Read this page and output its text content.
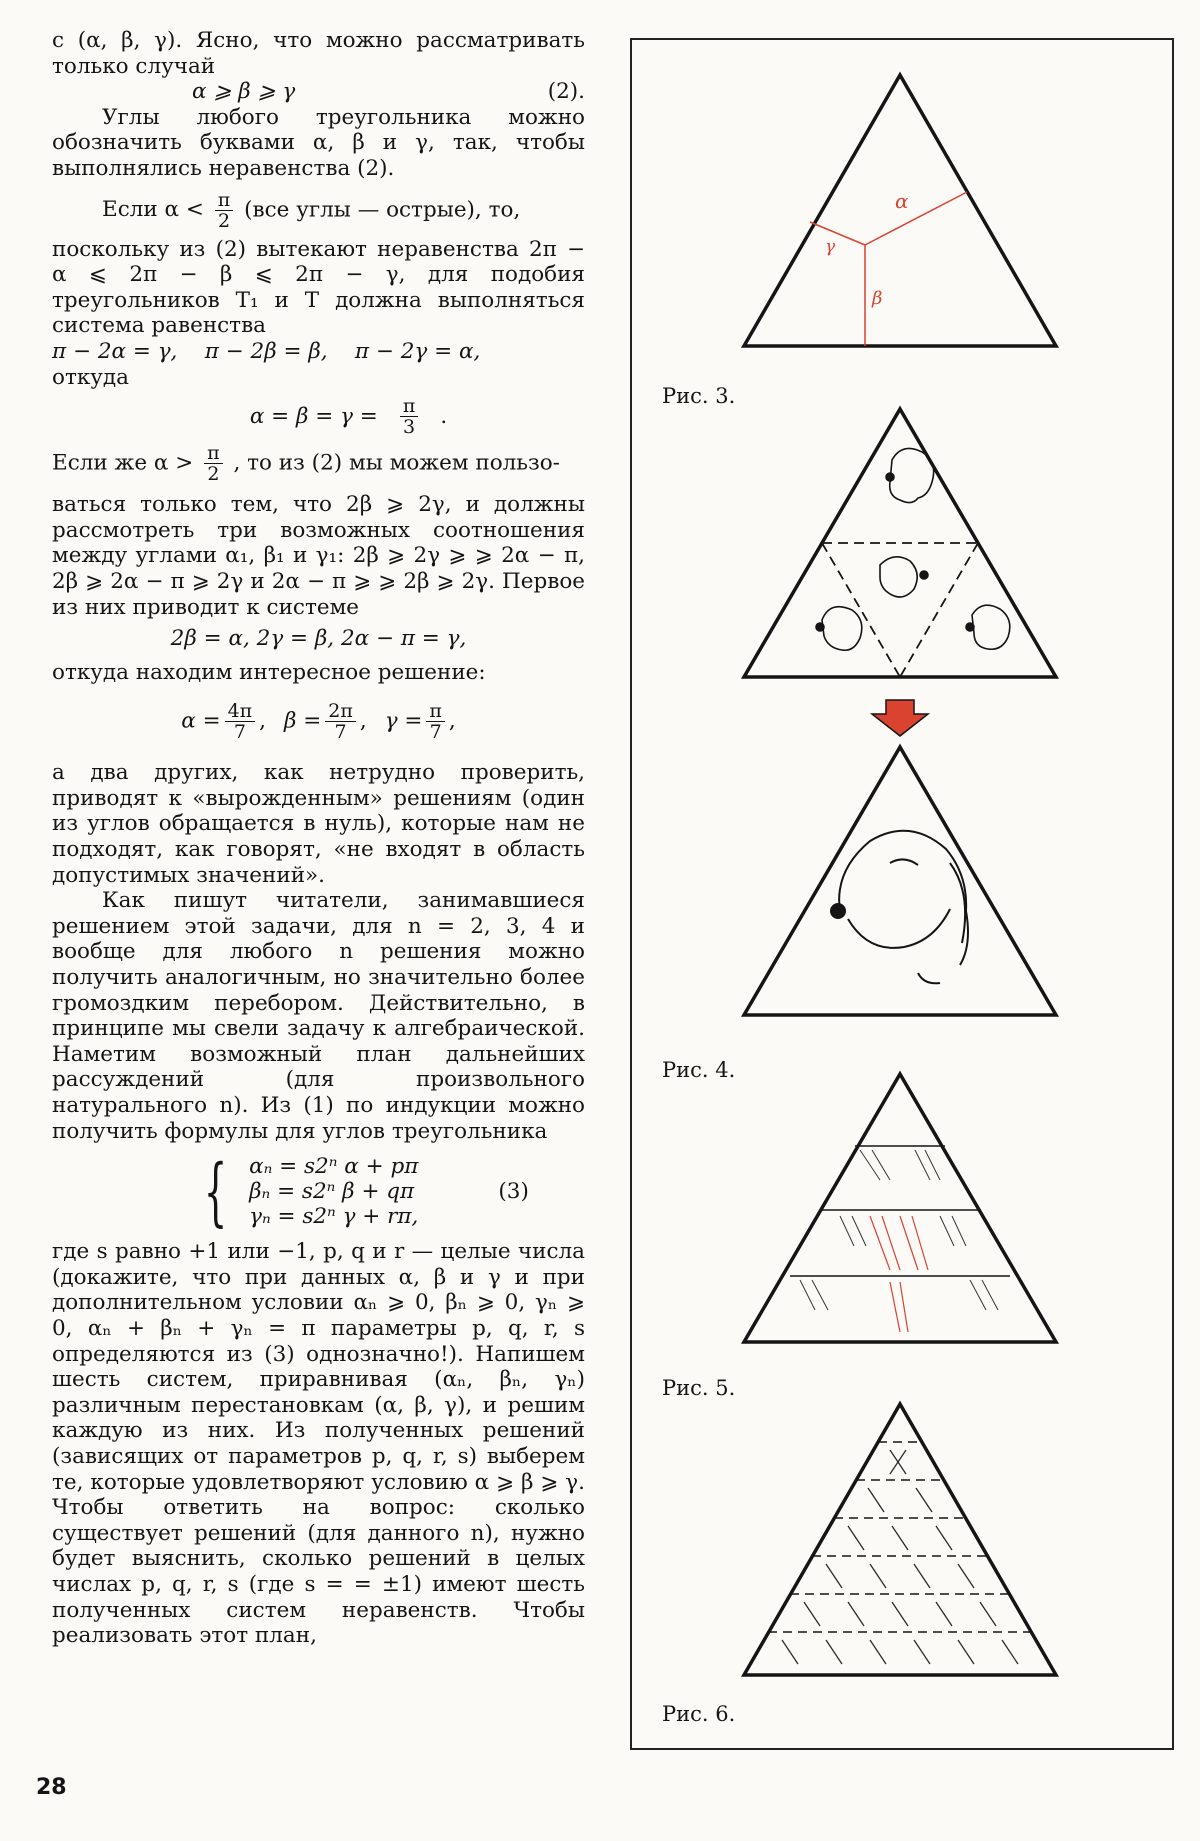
с (α, β, γ). Ясно, что можно рассматривать только случай

α ⩾ β ⩾ γ	(2).

Углы любого треугольника можно обозначить буквами α, β и γ, так, чтобы выполнялись неравенства (2).

Если $\alpha < \frac{\pi}{2} (все$ углы — острые), то,

поскольку из (2) вытекают неравенства 2π − α ⩽ 2π − β ⩽ 2π − γ, для подобия треугольников T₁ и T должна выполняться система равенства

π − 2α = γ,    π − 2β = β,    π − 2γ = α,

откуда

$\alpha = \beta = \gamma = \frac{\pi}{3}$ .
Если же $\alpha > \frac{\pi}{2}$ , то из (2) мы можем пользо-

ваться только тем, что 2β ⩾ 2γ, и должны рассмотреть три возможных соотношения между углами α₁, β₁ и γ₁: 2β ⩾ 2γ ⩾ ⩾ 2α − π, 2β ⩾ 2α − π ⩾ 2γ и 2α − π ⩾ ⩾ 2β ⩾ 2γ. Первое из них приводит к системе

2β = α, 2γ = β, 2α − π = γ,

откуда находим интересное решение:

$\alpha = \frac{4\pi}{7}$ , $\beta = \frac{2\pi}{7}$ , $\gamma = \frac{\pi}{7}$ ,

а два других, как нетрудно проверить, приводят к «вырожденным» решениям (один из углов обращается в нуль), которые нам не подходят, как говорят, «не входят в область допустимых значений».

Как пишут читатели, занимавшиеся решением этой задачи, для n = 2, 3, 4 и вообще для любого n решения можно получить аналогичным, но значительно более громоздким перебором. Действительно, в принципе мы свели задачу к алгебраической. Наметим возможный план дальнейших рассуждений (для произвольного натурального n). Из (1) по индукции можно получить формулы для углов треугольника

{ αₙ = s2ⁿ α + pπ
βₙ = s2ⁿ β + qπ
γₙ = s2ⁿ γ + rπ,
(3)

где s равно +1 или −1, p, q и r — целые числа (докажите, что при данных α, β и γ и при дополнительном условии αₙ ⩾ 0, βₙ ⩾ 0, γₙ ⩾ 0, αₙ + βₙ + γₙ = π параметры p, q, r, s определяются из (3) однозначно!). Напишем шесть систем, приравнивая (αₙ, βₙ, γₙ) различным перестановкам (α, β, γ), и решим каждую из них. Из полученных решений (зависящих от параметров p, q, r, s) выберем те, которые удовлетворяют условию α ⩾ β ⩾ γ. Чтобы ответить на вопрос: сколько существует решений (для данного n), нужно будет выяснить, сколько решений в целых числах p, q, r, s (где s = = ±1) имеют шесть полученных систем неравенств. Чтобы реализовать этот план,

28
α
β
γ
Рис. 3.
Рис. 4.
Рис. 5.
Рис. 6.
